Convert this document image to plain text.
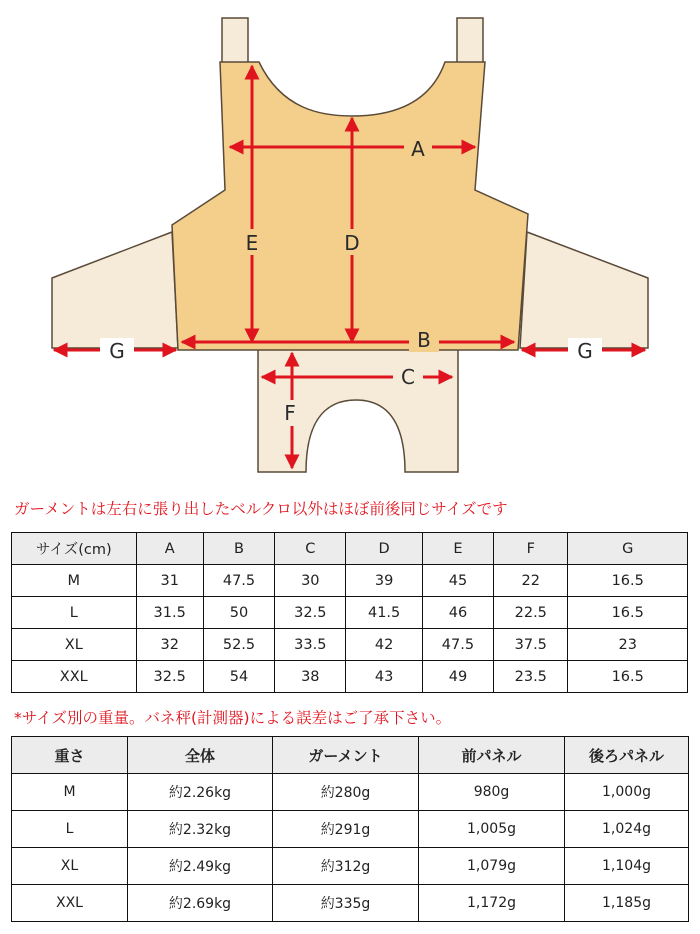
A
B
C
D
E
F
G	G
ガーメントは左右に張り出したベルクロ以外はほぼ前後同じサイズです
サイズ(cm)	A	B	C	D	E	F	G
M	31	47.5	30	39	45	22	16.5
L	31.5	50	32.5	41.5	46	22.5	16.5
XL	32	52.5	33.5	42	47.5	37.5	23
XXL	32.5	54	38	43	49	23.5	16.5
*サイズ別の重量。バネ秤(計測器)による誤差はご了承下さい。
重さ	全体	ガーメント	前パネル	後ろパネル
M	約2.26kg	約280g	980g	1,000g
L	約2.32kg	約291g	1,005g	1,024g
XL	約2.49kg	約312g	1,079g	1,104g
XXL	約2.69kg	約335g	1,172g	1,185g
